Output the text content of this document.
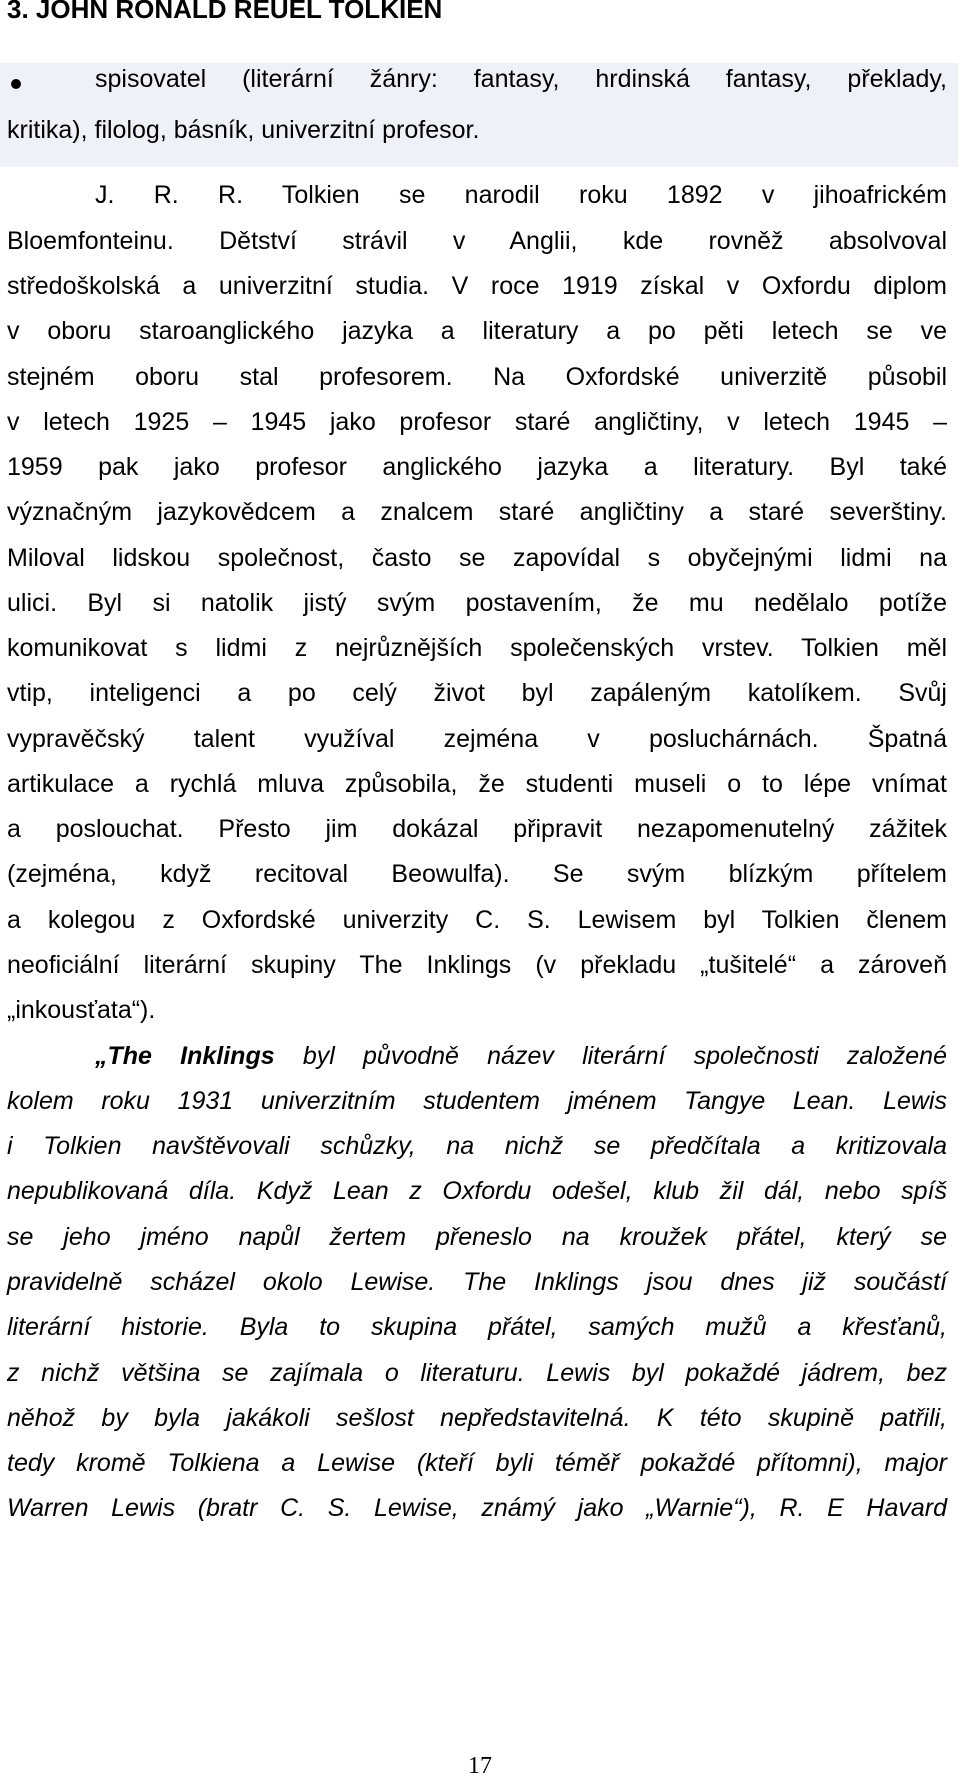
3. JOHN RONALD REUEL TOLKIEN

spisovatel (literární žánry: fantasy, hrdinská fantasy, překlady,

kritika), filolog, básník, univerzitní profesor.

J. R. R. Tolkien se narodil roku 1892 v jihoafrickém

Bloemfonteinu. Dětství strávil v Anglii, kde rovněž absolvoval

středoškolská a univerzitní studia. V roce 1919 získal v Oxfordu diplom

v oboru staroanglického jazyka a literatury a po pěti letech se ve

stejném oboru stal profesorem. Na Oxfordské univerzitě působil

v letech 1925 – 1945 jako profesor staré angličtiny, v letech 1945 –

1959 pak jako profesor anglického jazyka a literatury. Byl také

význačným jazykovědcem a znalcem staré angličtiny a staré severštiny.

Miloval lidskou společnost, často se zapovídal s obyčejnými lidmi na

ulici. Byl si natolik jistý svým postavením, že mu nedělalo potíže

komunikovat s lidmi z nejrůznějších společenských vrstev. Tolkien měl

vtip, inteligenci a po celý život byl zapáleným katolíkem. Svůj

vypravěčský talent využíval zejména v posluchárnách. Špatná

artikulace a rychlá mluva způsobila, že studenti museli o to lépe vnímat

a poslouchat. Přesto jim dokázal připravit nezapomenutelný zážitek

(zejména, když recitoval Beowulfa). Se svým blízkým přítelem

a kolegou z Oxfordské univerzity C. S. Lewisem byl Tolkien členem

neoficiální literární skupiny The Inklings (v překladu „tušitelé“ a zároveň

„inkousťata“).

„The Inklings byl původně název literární společnosti založené

kolem roku 1931 univerzitním studentem jménem Tangye Lean. Lewis

i Tolkien navštěvovali schůzky, na nichž se předčítala a kritizovala

nepublikovaná díla. Když Lean z Oxfordu odešel, klub žil dál, nebo spíš

se jeho jméno napůl žertem přeneslo na kroužek přátel, který se

pravidelně scházel okolo Lewise. The Inklings jsou dnes již součástí

literární historie. Byla to skupina přátel, samých mužů a křesťanů,

z nichž většina se zajímala o literaturu. Lewis byl pokaždé jádrem, bez

něhož by byla jakákoli sešlost nepředstavitelná. K této skupině patřili,

tedy kromě Tolkiena a Lewise (kteří byli téměř pokaždé přítomni), major

Warren Lewis (bratr C. S. Lewise, známý jako „Warnie“), R. E Havard

17
